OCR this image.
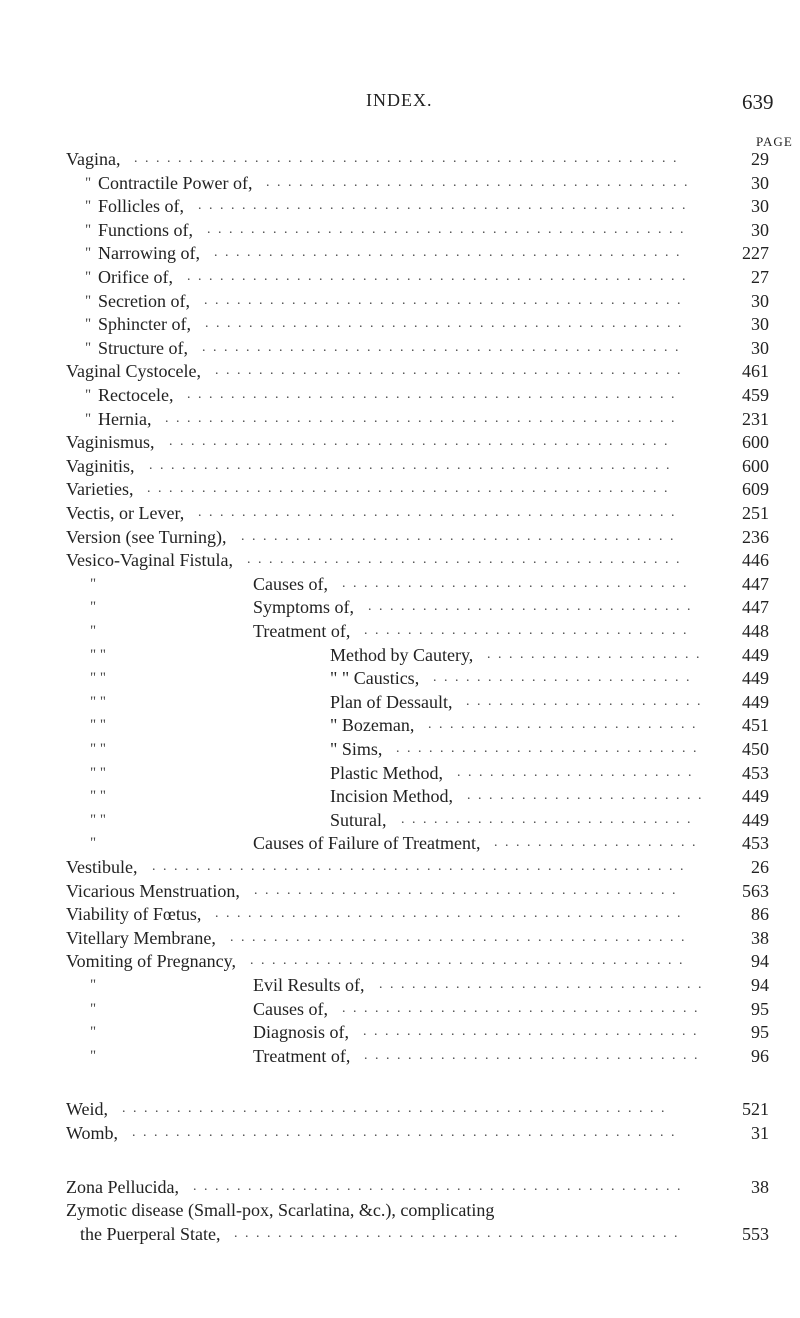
INDEX.	639
PAGE
Vagina,	29
. . . . . . . . . . . . . . . . . . . . . . . . . . . . . . . . . . . . . . . . . . . . . . . . . .
" Contractile Power of,	30
. . . . . . . . . . . . . . . . . . . . . . . . . . . . . . . . . . . . . . .
" Follicles of,	30
. . . . . . . . . . . . . . . . . . . . . . . . . . . . . . . . . . . . . . . . . . . . .
" Functions of,	30
. . . . . . . . . . . . . . . . . . . . . . . . . . . . . . . . . . . . . . . . . . . .
" Narrowing of,	227
. . . . . . . . . . . . . . . . . . . . . . . . . . . . . . . . . . . . . . . . . . .
" Orifice of,	27
. . . . . . . . . . . . . . . . . . . . . . . . . . . . . . . . . . . . . . . . . . . . . .
" Secretion of,	30
. . . . . . . . . . . . . . . . . . . . . . . . . . . . . . . . . . . . . . . . . . . .
" Sphincter of,	30
. . . . . . . . . . . . . . . . . . . . . . . . . . . . . . . . . . . . . . . . . . . .
" Structure of,	30
. . . . . . . . . . . . . . . . . . . . . . . . . . . . . . . . . . . . . . . . . . . .
Vaginal Cystocele,	461
. . . . . . . . . . . . . . . . . . . . . . . . . . . . . . . . . . . . . . . . . . .
" Rectocele,	459
. . . . . . . . . . . . . . . . . . . . . . . . . . . . . . . . . . . . . . . . . . . . .
" Hernia,	231
. . . . . . . . . . . . . . . . . . . . . . . . . . . . . . . . . . . . . . . . . . . . . . .
Vaginismus,	600
. . . . . . . . . . . . . . . . . . . . . . . . . . . . . . . . . . . . . . . . . . . . . .
Vaginitis,	600
. . . . . . . . . . . . . . . . . . . . . . . . . . . . . . . . . . . . . . . . . . . . . . . .
Varieties,	609
. . . . . . . . . . . . . . . . . . . . . . . . . . . . . . . . . . . . . . . . . . . . . . . .
Vectis, or Lever,	251
. . . . . . . . . . . . . . . . . . . . . . . . . . . . . . . . . . . . . . . . . . . .
Version (see Turning),	236
. . . . . . . . . . . . . . . . . . . . . . . . . . . . . . . . . . . . . . . .
Vesico-Vaginal Fistula,	446
. . . . . . . . . . . . . . . . . . . . . . . . . . . . . . . . . . . . . . . .
"	Causes of,	447
. . . . . . . . . . . . . . . . . . . . . . . . . . . . . . . .
"	Symptoms of,	447
. . . . . . . . . . . . . . . . . . . . . . . . . . . . . .
"	Treatment of,	448
. . . . . . . . . . . . . . . . . . . . . . . . . . . . . .
" "	Method by Cautery,	449
. . . . . . . . . . . . . . . . . . . .
" "	" " Caustics,	449
. . . . . . . . . . . . . . . . . . . . . . . .
" "	Plan of Dessault,	449
. . . . . . . . . . . . . . . . . . . . . .
" "	" Bozeman,	451
. . . . . . . . . . . . . . . . . . . . . . . . .
" "	" Sims,	450
. . . . . . . . . . . . . . . . . . . . . . . . . . . .
" "	Plastic Method,	453
. . . . . . . . . . . . . . . . . . . . . .
" "	Incision Method,	449
. . . . . . . . . . . . . . . . . . . . . .
" "	Sutural,	449
. . . . . . . . . . . . . . . . . . . . . . . . . . .
"	Causes of Failure of Treatment,	453
. . . . . . . . . . . . . . . . . . .
Vestibule,	26
. . . . . . . . . . . . . . . . . . . . . . . . . . . . . . . . . . . . . . . . . . . . . . . . .
Vicarious Menstruation,	563
. . . . . . . . . . . . . . . . . . . . . . . . . . . . . . . . . . . . . . .
Viability of Fœtus,	86
. . . . . . . . . . . . . . . . . . . . . . . . . . . . . . . . . . . . . . . . . . .
Vitellary Membrane,	38
. . . . . . . . . . . . . . . . . . . . . . . . . . . . . . . . . . . . . . . . . .
Vomiting of Pregnancy,	94
. . . . . . . . . . . . . . . . . . . . . . . . . . . . . . . . . . . . . . . .
"	Evil Results of,	94
. . . . . . . . . . . . . . . . . . . . . . . . . . . . . .
"	Causes of,	95
. . . . . . . . . . . . . . . . . . . . . . . . . . . . . . . . .
"	Diagnosis of,	95
. . . . . . . . . . . . . . . . . . . . . . . . . . . . . . .
"	Treatment of,	96
. . . . . . . . . . . . . . . . . . . . . . . . . . . . . . .
Weid,	521
. . . . . . . . . . . . . . . . . . . . . . . . . . . . . . . . . . . . . . . . . . . . . . . . . .
Womb,	31
. . . . . . . . . . . . . . . . . . . . . . . . . . . . . . . . . . . . . . . . . . . . . . . . . .
Zona Pellucida,	38
. . . . . . . . . . . . . . . . . . . . . . . . . . . . . . . . . . . . . . . . . . . . .
Zymotic disease (Small-pox, Scarlatina, &c.), complicating
the Puerperal State,	553
. . . . . . . . . . . . . . . . . . . . . . . . . . . . . . . . . . . . . . . . .
